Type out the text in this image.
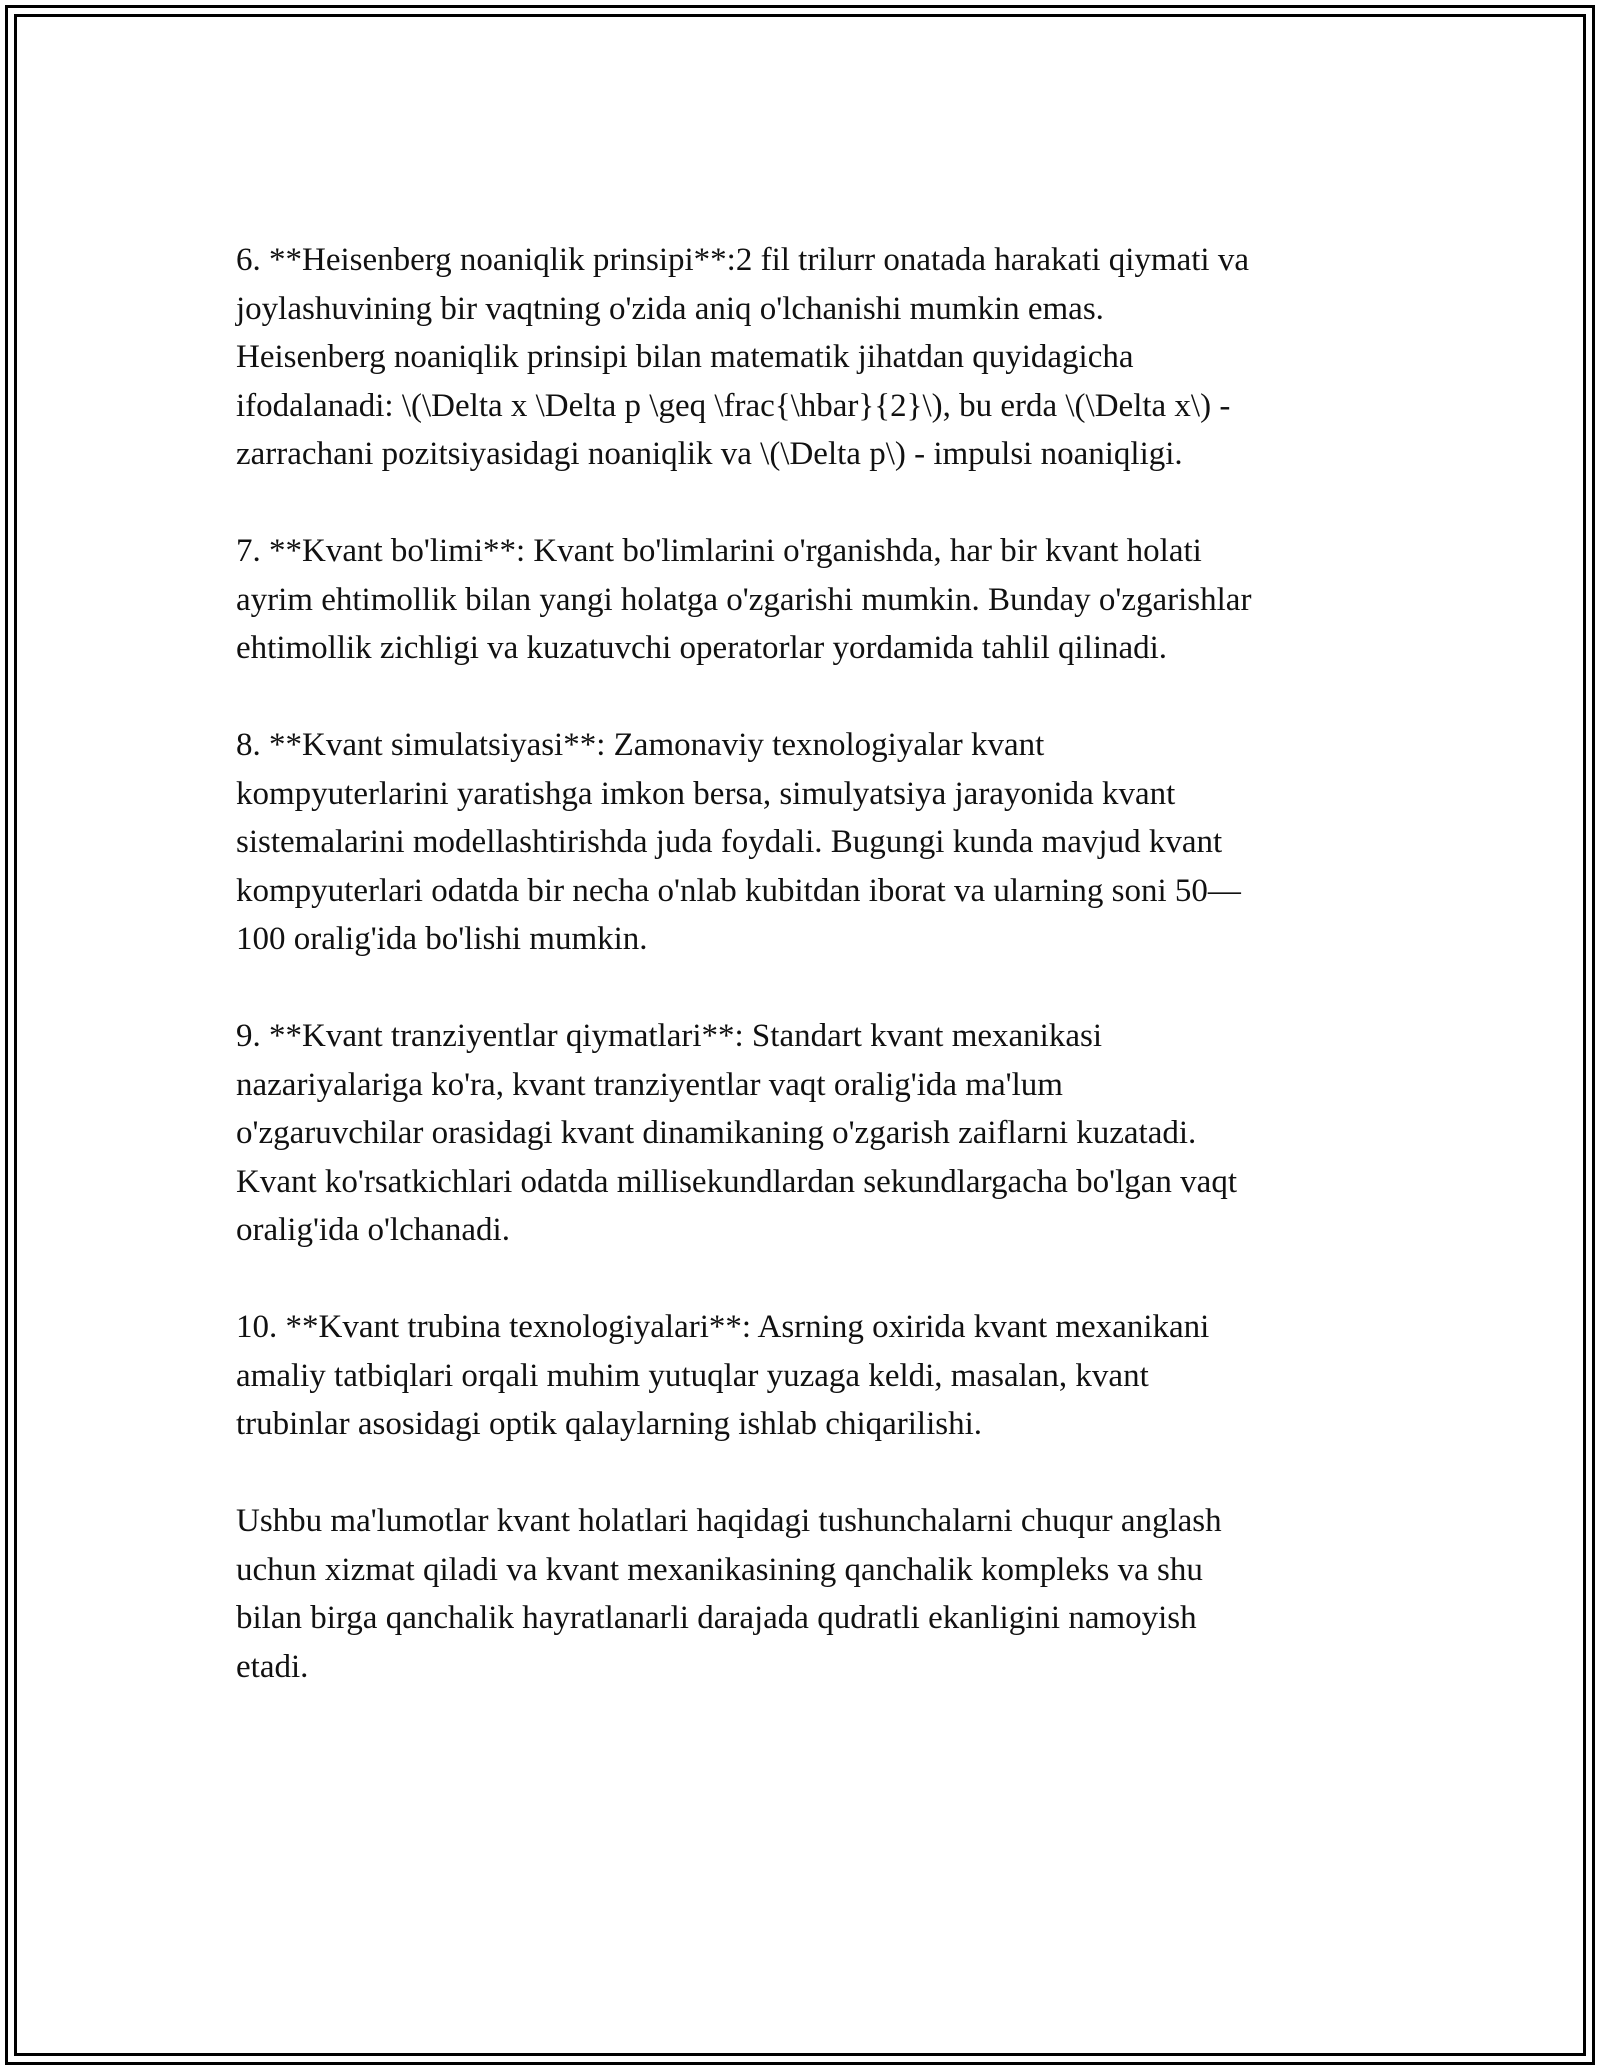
6. **Heisenberg noaniqlik prinsipi**:2 fil trilurr onatada harakati qiymati va
joylashuvining bir vaqtning o'zida aniq o'lchanishi mumkin emas.
Heisenberg noaniqlik prinsipi bilan matematik jihatdan quyidagicha
ifodalanadi: \(\Delta x \Delta p \geq \frac{\hbar}{2}\), bu erda \(\Delta x\) -
zarrachani pozitsiyasidagi noaniqlik va \(\Delta p\) - impulsi noaniqligi.

7. **Kvant bo'limi**: Kvant bo'limlarini o'rganishda, har bir kvant holati
ayrim ehtimollik bilan yangi holatga o'zgarishi mumkin. Bunday o'zgarishlar
ehtimollik zichligi va kuzatuvchi operatorlar yordamida tahlil qilinadi.

8. **Kvant simulatsiyasi**: Zamonaviy texnologiyalar kvant
kompyuterlarini yaratishga imkon bersa, simulyatsiya jarayonida kvant
sistemalarini modellashtirishda juda foydali. Bugungi kunda mavjud kvant
kompyuterlari odatda bir necha o'nlab kubitdan iborat va ularning soni 50—
100 oralig'ida bo'lishi mumkin.

9. **Kvant tranziyentlar qiymatlari**: Standart kvant mexanikasi
nazariyalariga ko'ra, kvant tranziyentlar vaqt oralig'ida ma'lum
o'zgaruvchilar orasidagi kvant dinamikaning o'zgarish zaiflarni kuzatadi.
Kvant ko'rsatkichlari odatda millisekundlardan sekundlargacha bo'lgan vaqt
oralig'ida o'lchanadi.

10. **Kvant trubina texnologiyalari**: Asrning oxirida kvant mexanikani
amaliy tatbiqlari orqali muhim yutuqlar yuzaga keldi, masalan, kvant
trubinlar asosidagi optik qalaylarning ishlab chiqarilishi.

Ushbu ma'lumotlar kvant holatlari haqidagi tushunchalarni chuqur anglash
uchun xizmat qiladi va kvant mexanikasining qanchalik kompleks va shu
bilan birga qanchalik hayratlanarli darajada qudratli ekanligini namoyish
etadi.
